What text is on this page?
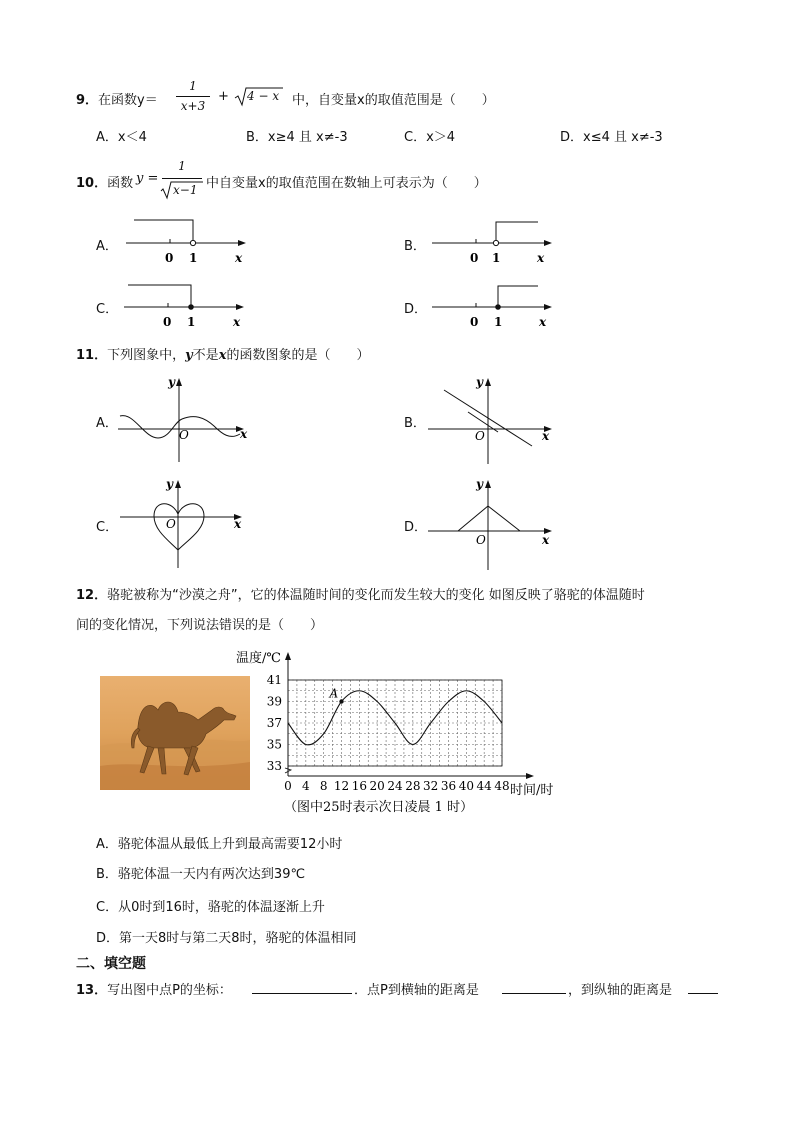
9．在函数y＝
1
x+3
+ 4 − x 中，自变量x的取值范围是（　　）
A．x＜4	B．x≥4 且 x≠-3	C．x＞4	D．x≤4 且 x≠-3
10．函数 y =
1
x−1 中自变量x的取值范围在数轴上可表示为（　　）
A．
0 1	x
B．
0 1	x
C．
0 1	x
D．
0 1	x
11．下列图象中，y不是x的函数图象的是（　　）
A．
y
x
O
B．
y
x
O
C．
y
x
O	D．
y
x
O
12．骆驼被称为“沙漠之舟”，它的体温随时间的变化而发生较大的变化 如图反映了骆驼的体温随时
间的变化情况，下列说法错误的是（　　）
温度/℃
时间/时
（图中25时表示次日凌晨 1 时）
0 4 8 12 16 20 24 28 32 36 40 44 48
33
35
37
39
41
A
A．骆驼体温从最低上升到最高需要12小时
B．骆驼体温一天内有两次达到39℃
C．从0时到16时，骆驼的体温逐渐上升
D．第一天8时与第二天8时，骆驼的体温相同
二、填空题
13．写出图中点P的坐标：	．点P到横轴的距离是	，到纵轴的距离是
